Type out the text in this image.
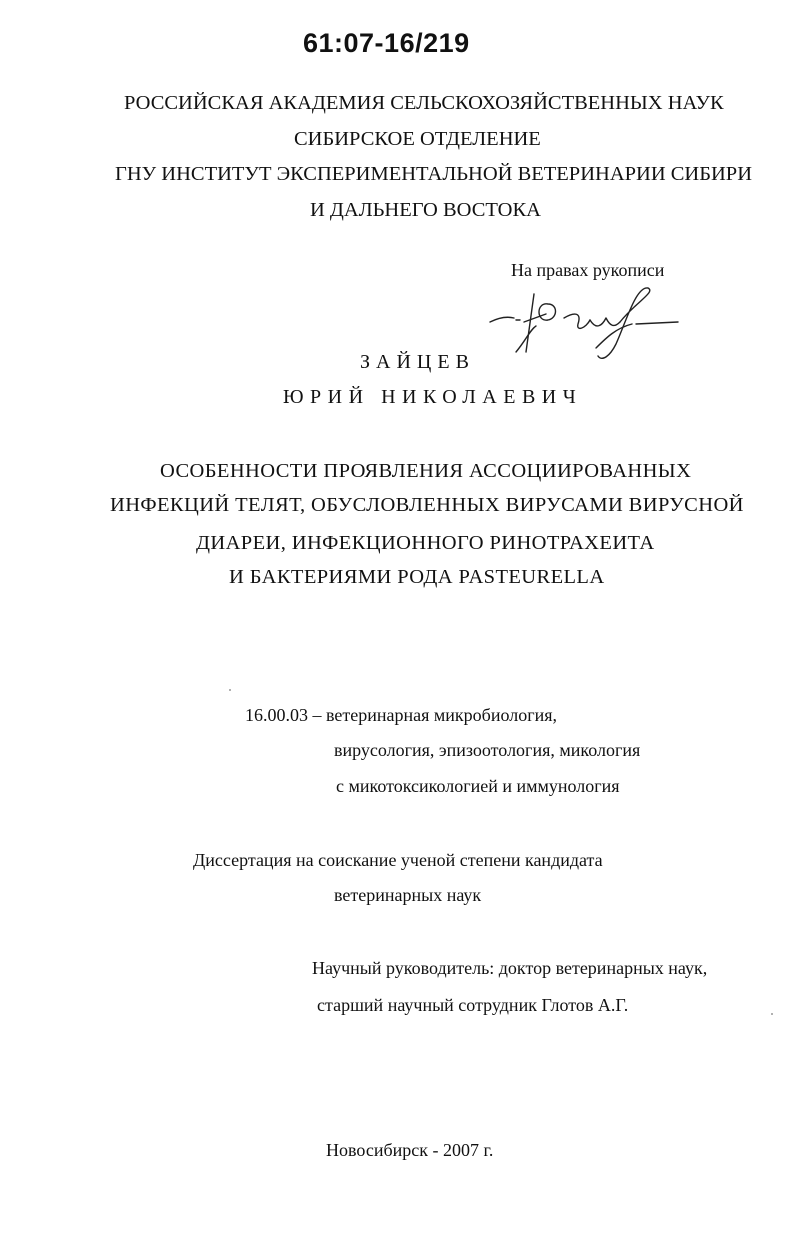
61:07-16/219
РОССИЙСКАЯ АКАДЕМИЯ СЕЛЬСКОХОЗЯЙСТВЕННЫХ НАУК
СИБИРСКОЕ ОТДЕЛЕНИЕ
ГНУ ИНСТИТУТ ЭКСПЕРИМЕНТАЛЬНОЙ ВЕТЕРИНАРИИ СИБИРИ
И ДАЛЬНЕГО ВОСТОКА
На правах рукописи
ЗАЙЦЕВ
ЮРИЙ НИКОЛАЕВИЧ
ОСОБЕННОСТИ ПРОЯВЛЕНИЯ АССОЦИИРОВАННЫХ
ИНФЕКЦИЙ ТЕЛЯТ, ОБУСЛОВЛЕННЫХ ВИРУСАМИ ВИРУСНОЙ
ДИАРЕИ, ИНФЕКЦИОННОГО РИНОТРАХЕИТА
И БАКТЕРИЯМИ РОДА PASTEURELLA
16.00.03 – ветеринарная микробиология,
вирусология, эпизоотология, микология
с микотоксикологией и иммунология
Диссертация на соискание ученой степени кандидата
ветеринарных наук
Научный руководитель: доктор ветеринарных наук,
старший научный сотрудник Глотов А.Г.
Новосибирск - 2007 г.
